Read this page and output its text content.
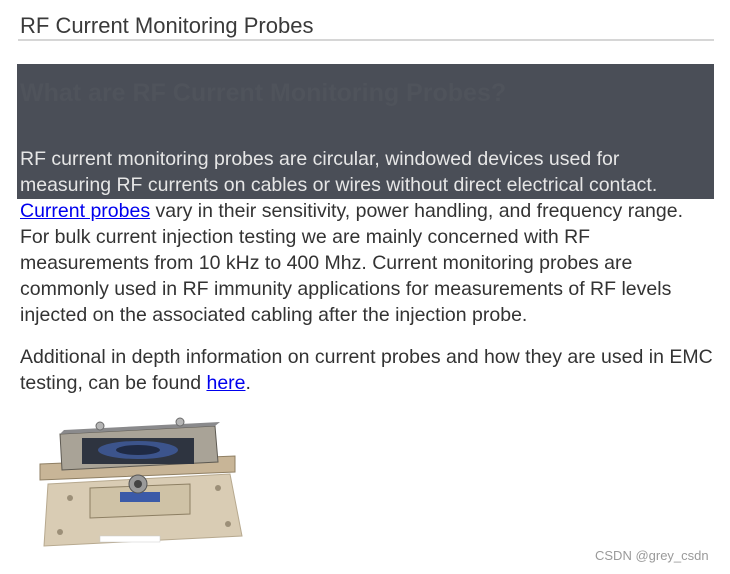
RF Current Monitoring Probes
What are RF Current Monitoring Probes?

RF current monitoring probes are circular, windowed devices used for
measuring RF currents on cables or wires without direct electrical contact.
Current probes vary in their sensitivity, power handling, and frequency range. For bulk current injection testing we are mainly concerned with RF measurements from 10 kHz to 400 Mhz. Current monitoring probes are commonly used in RF immunity applications for measurements of RF levels injected on the associated cabling after the injection probe.

Additional in depth information on current probes and how they are used in EMC testing, can be found here.

CSDN @grey_csdn
